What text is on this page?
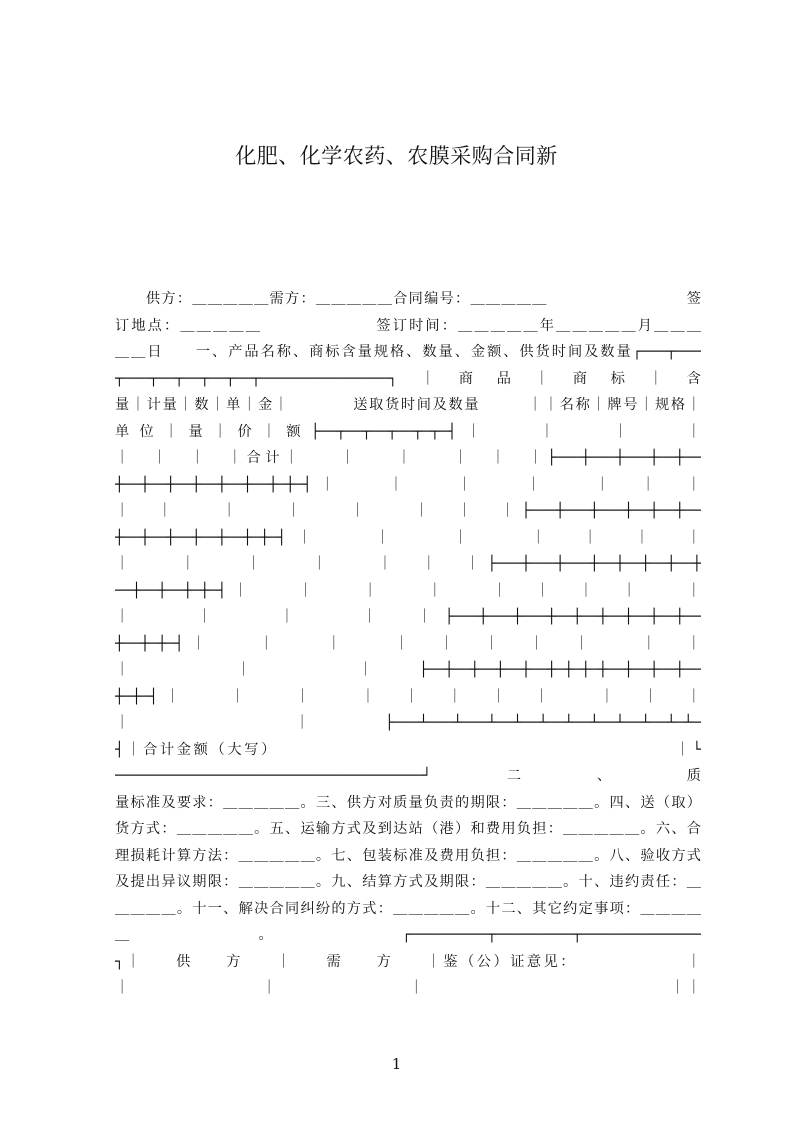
化肥、化学农药、农膜采购合同新
　　供方：＿＿＿＿＿需方：＿＿＿＿＿合同编号：＿＿＿＿＿　　　　　　　　　签
订地点：＿＿＿＿＿　　　　　　　签订时间：＿＿＿＿＿年＿＿＿＿＿月＿＿＿
＿＿日　　一、产品名称、商标含量规格、数量、金额、供货时间及数量┌───┬───
┬───┬──┬──┬──┬──┬───────────────┐｜商品｜商标｜含
量｜计量｜数｜单｜金｜　　　　送取货时间及数量　　　｜｜名称｜牌号｜规格｜
单位｜量｜价｜额├──┬──┬──┬──┬─┬─┤｜　　｜　　｜　　｜
｜　｜　｜　｜合计｜　　｜　　｜　　｜　｜　｜├───┼───┼───┼──┼──
┼──┼──┼──┼──┼──┼──┼─┼─┤｜　　｜　　｜　　｜　　｜　｜　｜
｜　｜　　｜　　｜　　｜　　｜　｜　｜├───┼───┼───┼──┼──┼──
┼──┼──┼──┼──┼──┼─┼─┤｜　　｜　　｜　　｜　｜　｜　｜
｜　　｜　　｜　　｜　　｜　｜　｜├───┼───┼───┼──┼──┼──┼──┼
──┼──┼──┼─┼─┤｜　　｜　　｜　　｜　　｜　｜　｜　｜　　｜
｜　　｜　　｜　　｜　｜├───┼───┼───┼──┼──┼──┼──┼──┼──
┼──┼─┼─┤｜　　｜　　｜　　｜　｜　｜　｜　｜　　｜　｜
｜　｜　｜├──┼──┼──┼──┼──┼─┼─┼─┼──┼──┼──┼──
┼─┼─┤｜　　｜　　｜　　｜　｜　｜　｜　｜　　｜　｜　｜
｜　｜├───┴───┴───┴──┴──┴──┴──┴──┴──┴──┴─┴─
┤｜合计金额（大写）　　　　　　　　　　　　　　　　　　　　　　　　｜└
────────────────────────────────────┘二、质
量标准及要求：＿＿＿＿＿。三、供方对质量负责的期限：＿＿＿＿＿。四、送（取）
货方式：＿＿＿＿＿。五、运输方式及到达站（港）和费用负担：＿＿＿＿＿。六、合
理损耗计算方法：＿＿＿＿＿。七、包装标准及费用负担：＿＿＿＿＿。八、验收方式
及提出异议期限：＿＿＿＿＿。九、结算方式及期限：＿＿＿＿＿。十、违约责任：＿
＿＿＿＿。十一、解决合同纠纷的方式：＿＿＿＿＿。十二、其它约定事项：＿＿＿＿
＿。┌─────────┬─────────┬──────────────
┐｜　　供　　方　　｜　　需　　方　　｜鉴（公）证意见：　　　　　　　｜
｜　　　　　　　　｜　　　　　　　　｜　　　　　　　　　　　　　　　｜｜
1
